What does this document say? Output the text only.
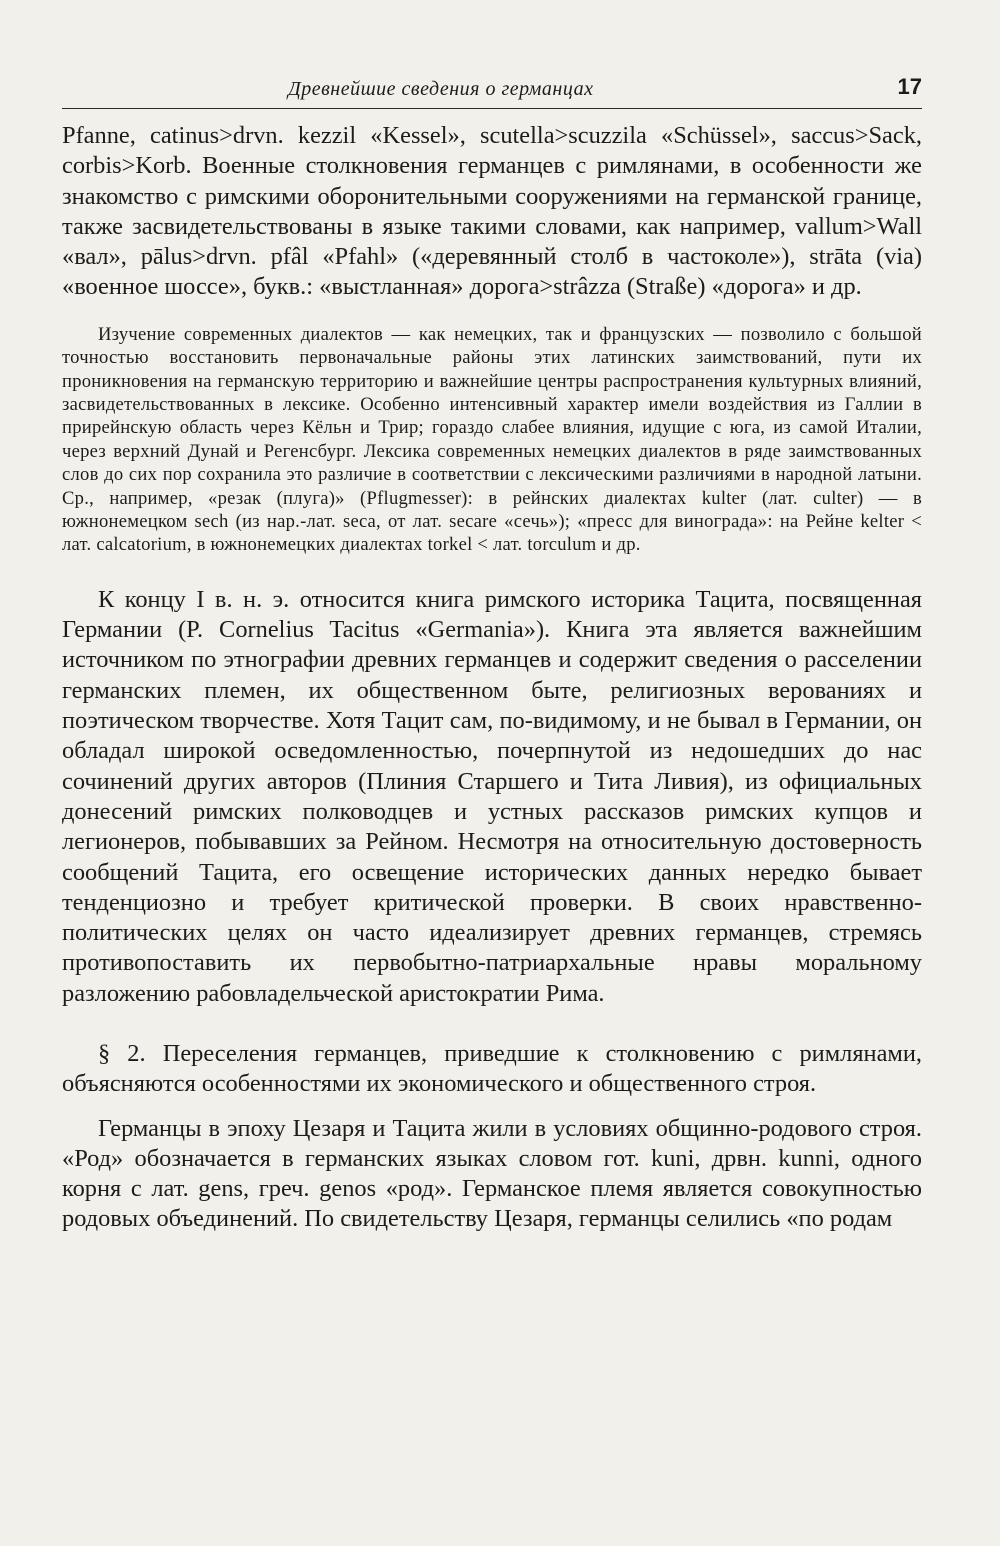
Древнейшие сведения о германцах	17

Pfanne, catinus>drvn. kezzil «Kessel», scutella>scuzzila «Schüssel», saccus>Sack, corbis>Korb. Военные столкновения германцев с римлянами, в особенности же знакомство с римскими оборонительными сооружениями на германской границе, также засвидетельствованы в языке такими словами, как например, vallum>Wall «вал», pālus>drvn. pfâl «Pfahl» («деревянный столб в частоколе»), strāta (via) «военное шоссе», букв.: «выстланная» дорога>strâzza (Straße) «дорога» и др.

Изучение современных диалектов — как немецких, так и французских — позволило с большой точностью восстановить первоначальные районы этих латинских заимствований, пути их проникновения на германскую территорию и важнейшие центры распространения культурных влияний, засвидетельствованных в лексике. Особенно интенсивный характер имели воздействия из Галлии в прирейнскую область через Кёльн и Трир; гораздо слабее влияния, идущие с юга, из самой Италии, через верхний Дунай и Регенсбург. Лексика современных немецких диалектов в ряде заимствованных слов до сих пор сохранила это различие в соответствии с лексическими различиями в народной латыни. Ср., например, «резак (плуга)» (Pflugmesser): в рейнских диалектах kulter (лат. culter) — в южнонемецком sech (из нар.-лат. seca, от лат. secare «сечь»); «пресс для винограда»: на Рейне kelter < лат. calcatorium, в южнонемецких диалектах torkel < лат. torculum и др.

К концу I в. н. э. относится книга римского историка Тацита, посвященная Германии (P. Cornelius Tacitus «Germania»). Книга эта является важнейшим источником по этнографии древних германцев и содержит сведения о расселении германских племен, их общественном быте, религиозных верованиях и поэтическом творчестве. Хотя Тацит сам, по-видимому, и не бывал в Германии, он обладал широкой осведомленностью, почерпнутой из недошедших до нас сочинений других авторов (Плиния Старшего и Тита Ливия), из официальных донесений римских полководцев и устных рассказов римских купцов и легионеров, побывавших за Рейном. Несмотря на относительную достоверность сообщений Тацита, его освещение исторических данных нередко бывает тенденциозно и требует критической проверки. В своих нравственно-политических целях он часто идеализирует древних германцев, стремясь противопоставить их первобытно-патриархальные нравы моральному разложению рабовладельческой аристократии Рима.

§ 2. Переселения германцев, приведшие к столкновению с римлянами, объясняются особенностями их экономического и общественного строя.

Германцы в эпоху Цезаря и Тацита жили в условиях общинно-родового строя. «Род» обозначается в германских языках словом гот. kuni, дрвн. kunni, одного корня с лат. gens, греч. genos «род». Германское племя является совокупностью родовых объединений. По свидетельству Цезаря, германцы селились «по родам
